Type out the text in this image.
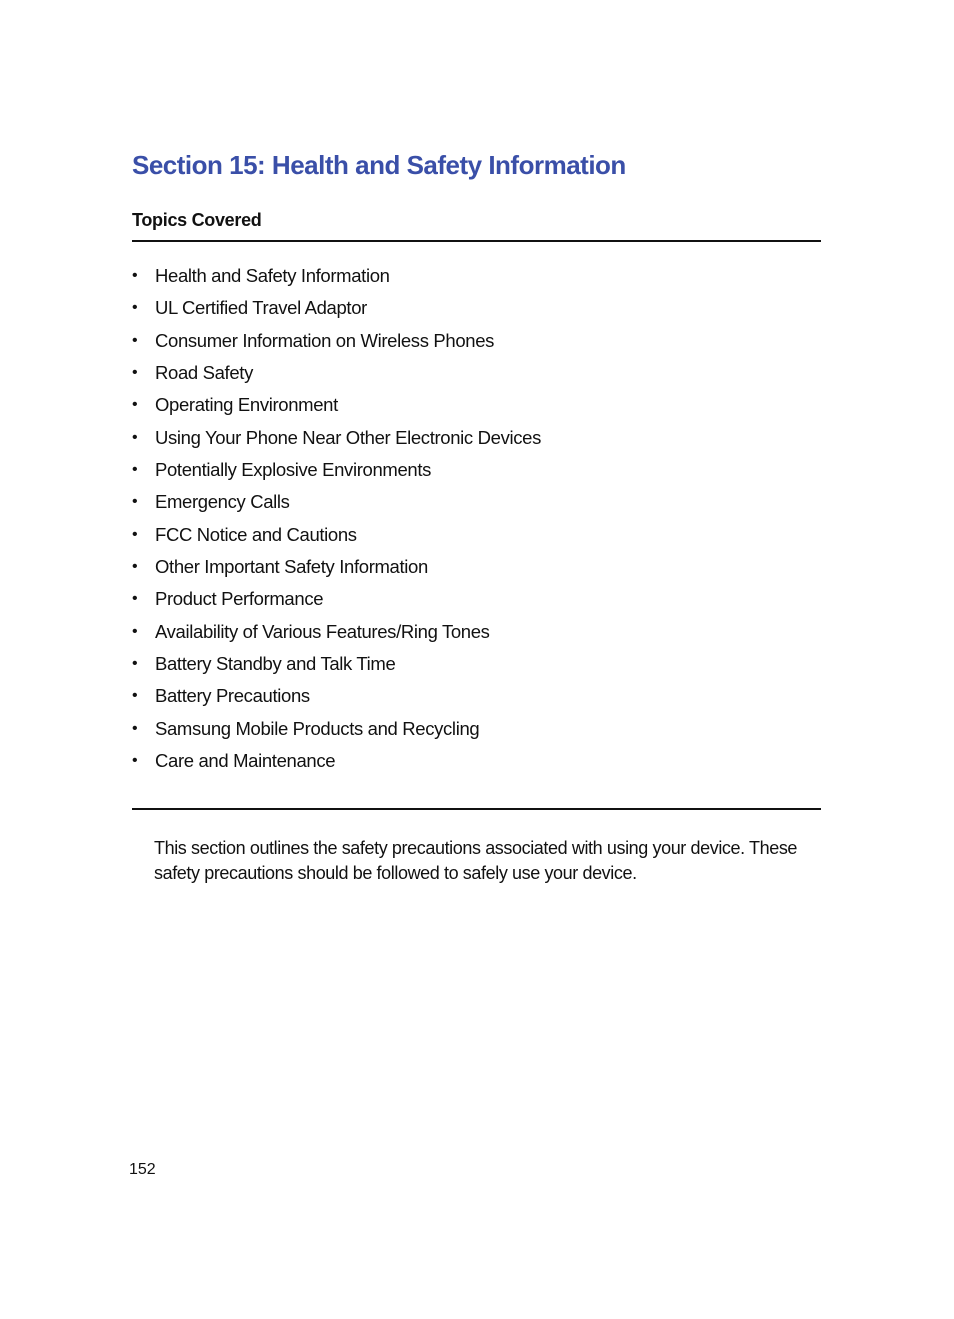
Section 15: Health and Safety Information
Topics Covered
• Health and Safety Information
• UL Certified Travel Adaptor
• Consumer Information on Wireless Phones
• Road Safety
• Operating Environment
• Using Your Phone Near Other Electronic Devices
• Potentially Explosive Environments
• Emergency Calls
• FCC Notice and Cautions
• Other Important Safety Information
• Product Performance
• Availability of Various Features/Ring Tones
• Battery Standby and Talk Time
• Battery Precautions
• Samsung Mobile Products and Recycling
• Care and Maintenance

This section outlines the safety precautions associated with using your device. These safety precautions should be followed to safely use your device.

152
